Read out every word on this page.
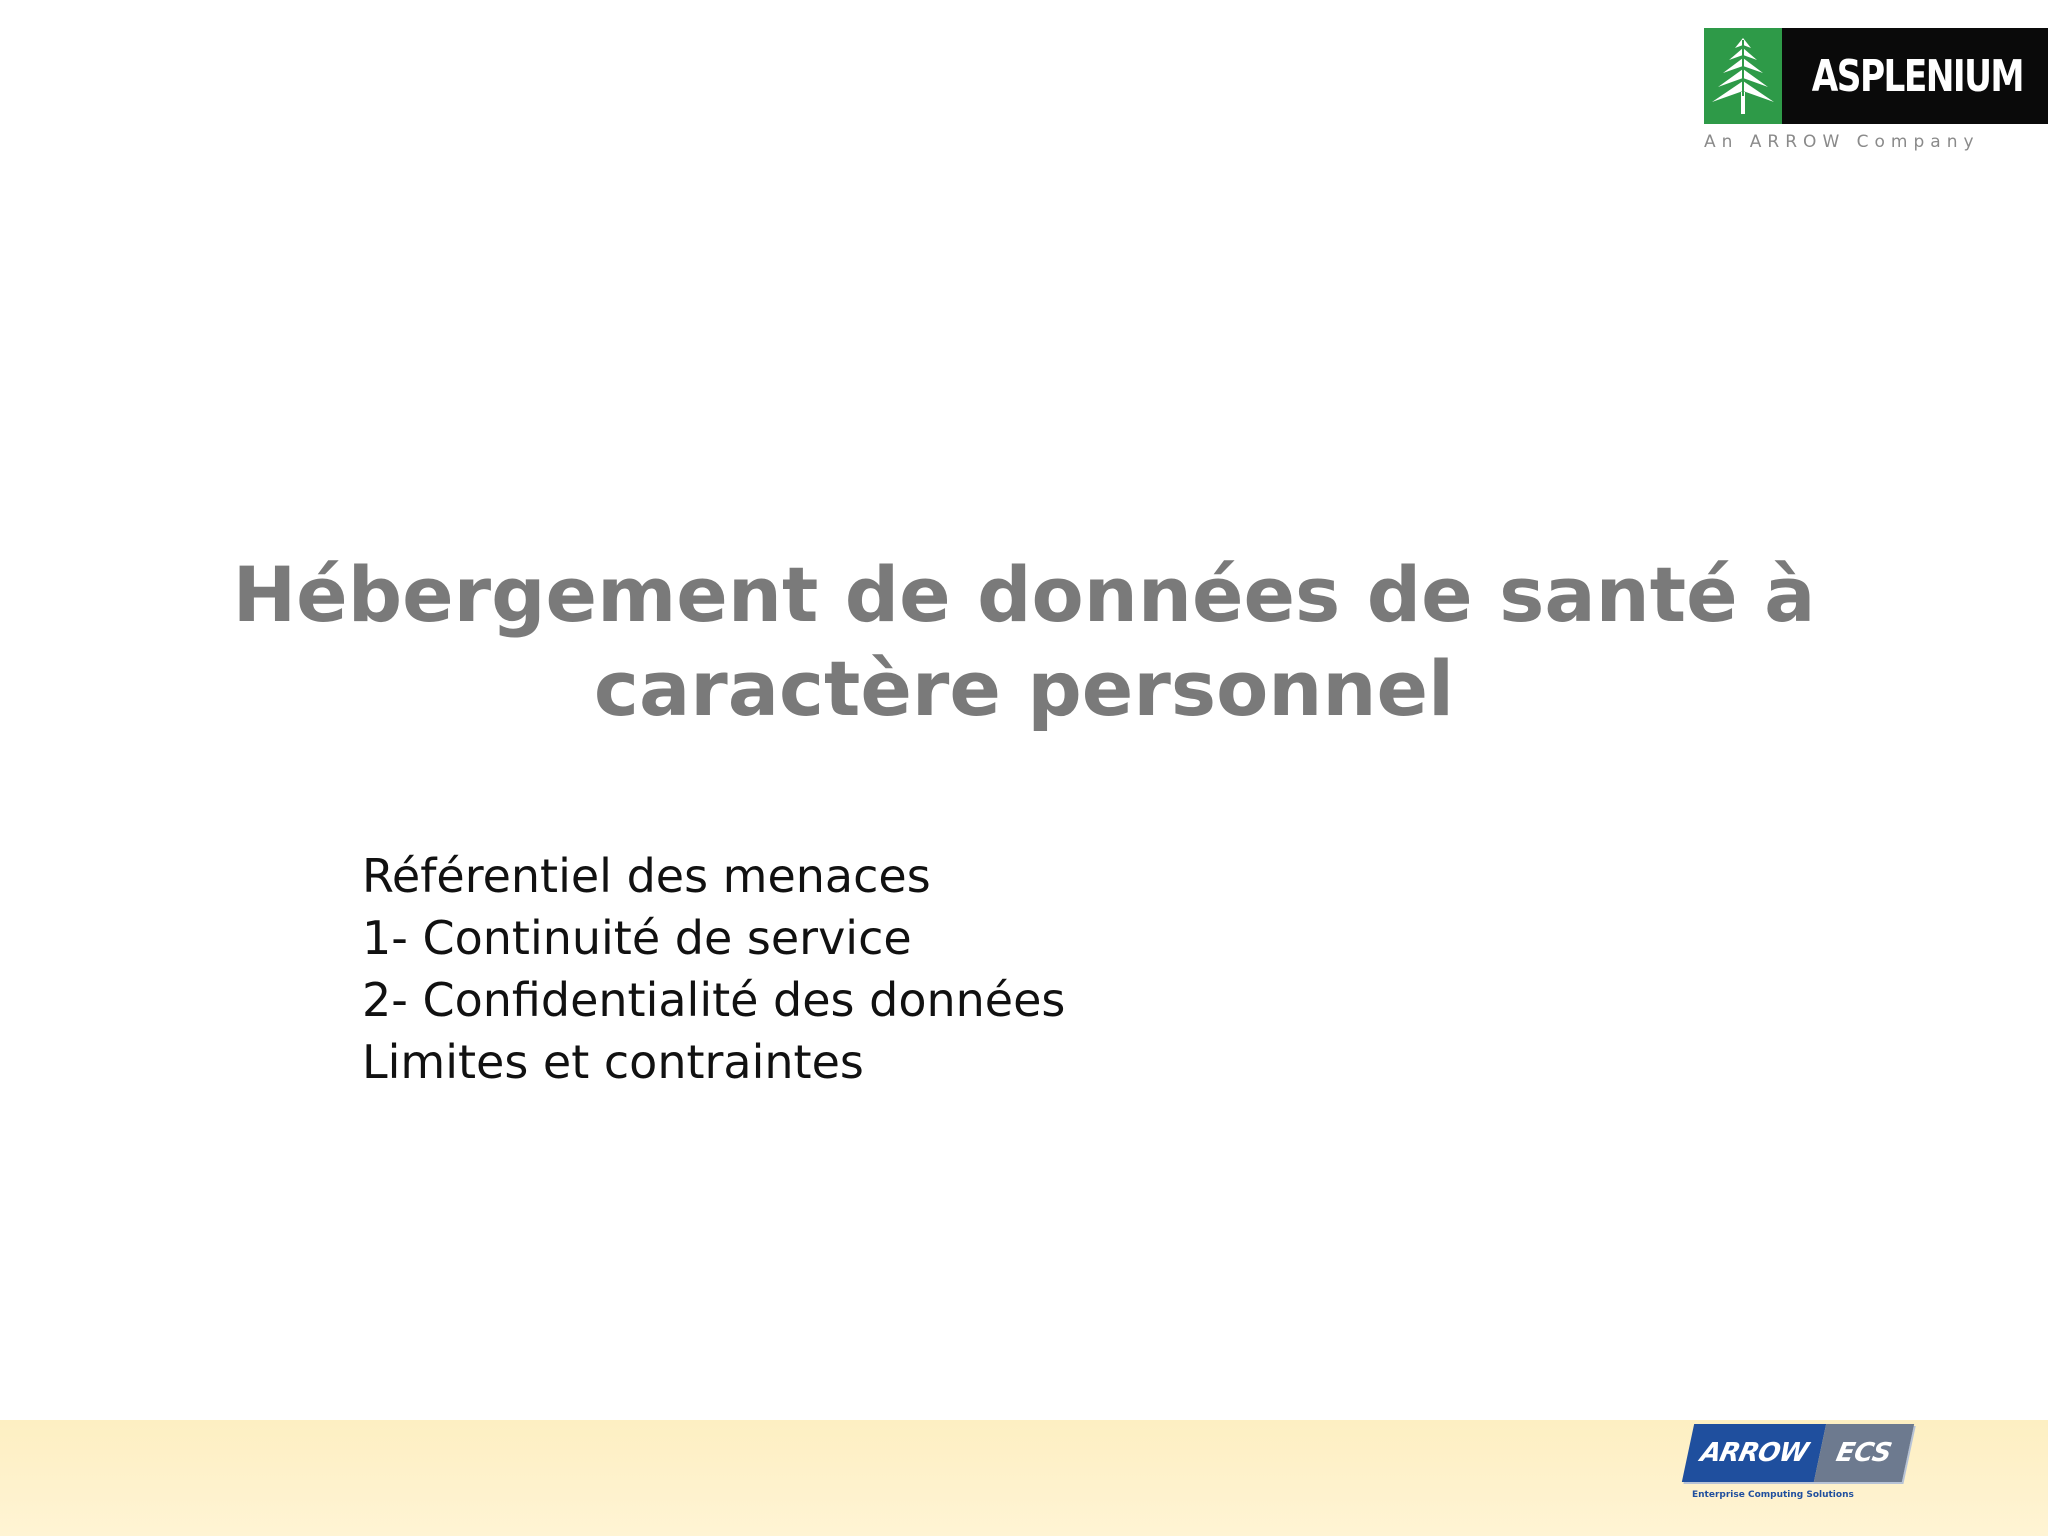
ASPLENIUM
An ARROW Company
Hébergement de données de santé à
caractère personnel
Référentiel des menaces
1- Continuité de service
2- Confidentialité des données
Limites et contraintes
ARROW ECS
Enterprise Computing Solutions
